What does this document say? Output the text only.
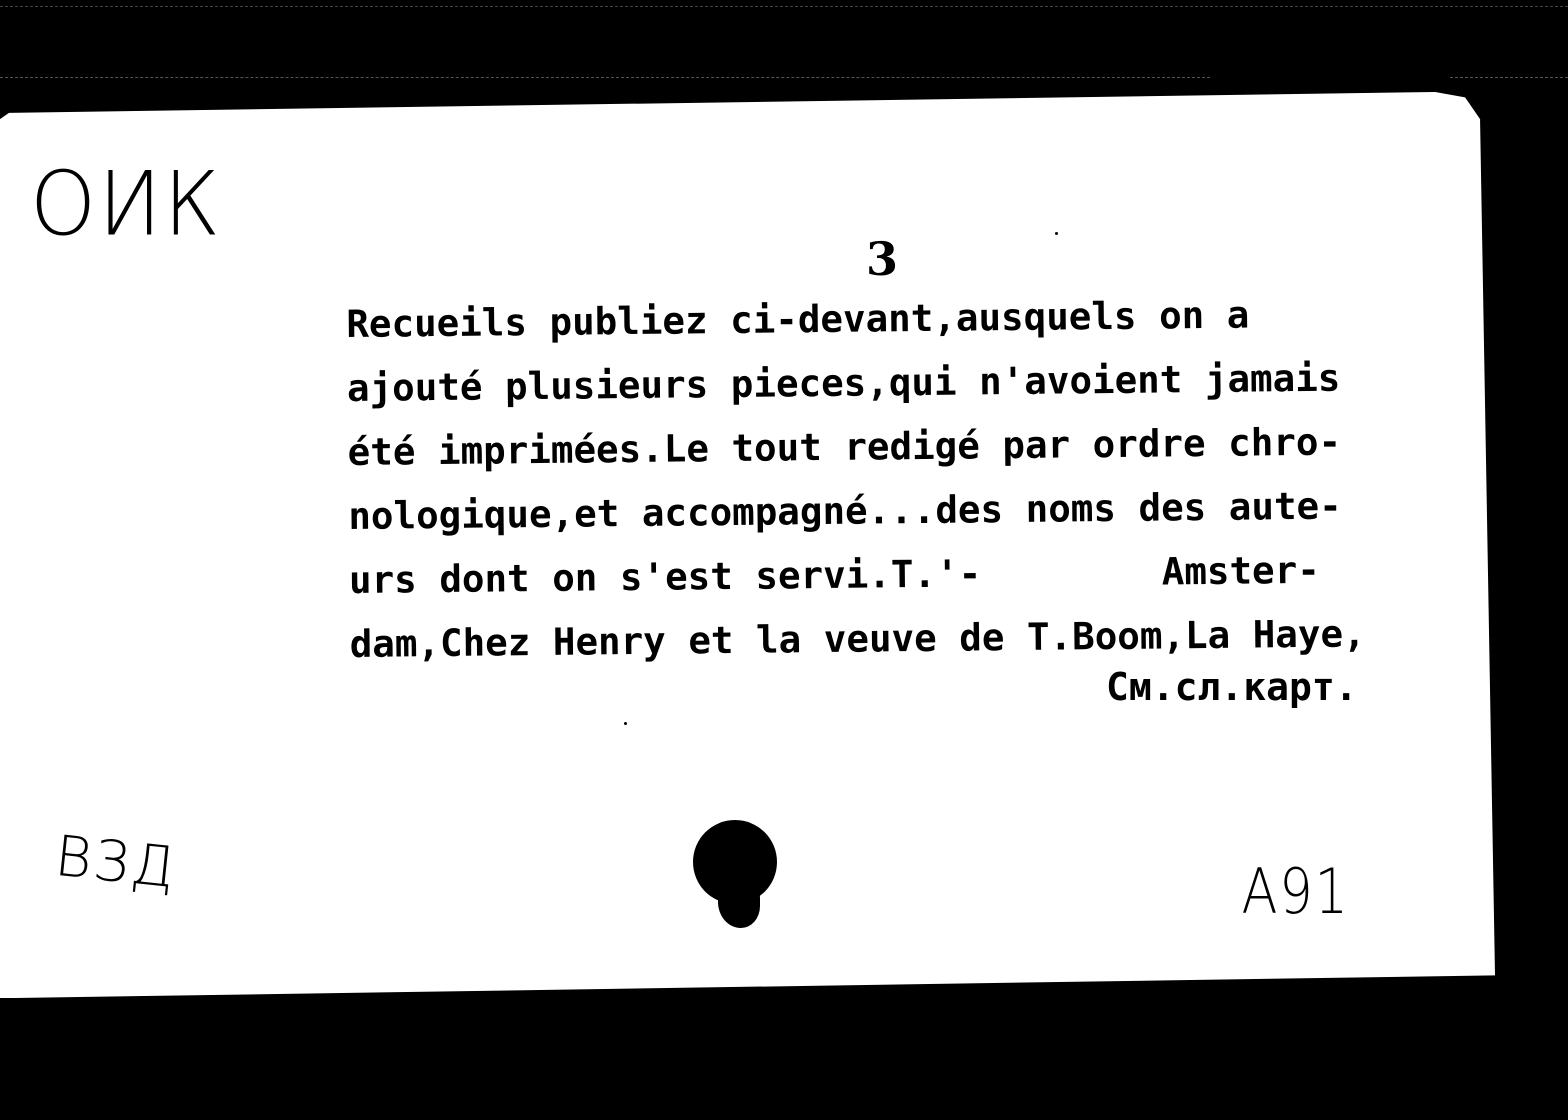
ОИК
3
Recueils publiez ci-devant,ausquels on a
ajouté plusieurs pieces,qui n'avoient jamais
été imprimées.Le tout redigé par ordre chro-
nologique,et accompagné...des noms des aute-
urs dont on s'est servi.T.'-        Amster-
dam,Chez Henry et la veuve de T.Boom,La Haye,
См.сл.карт.
ВЗД	А91
